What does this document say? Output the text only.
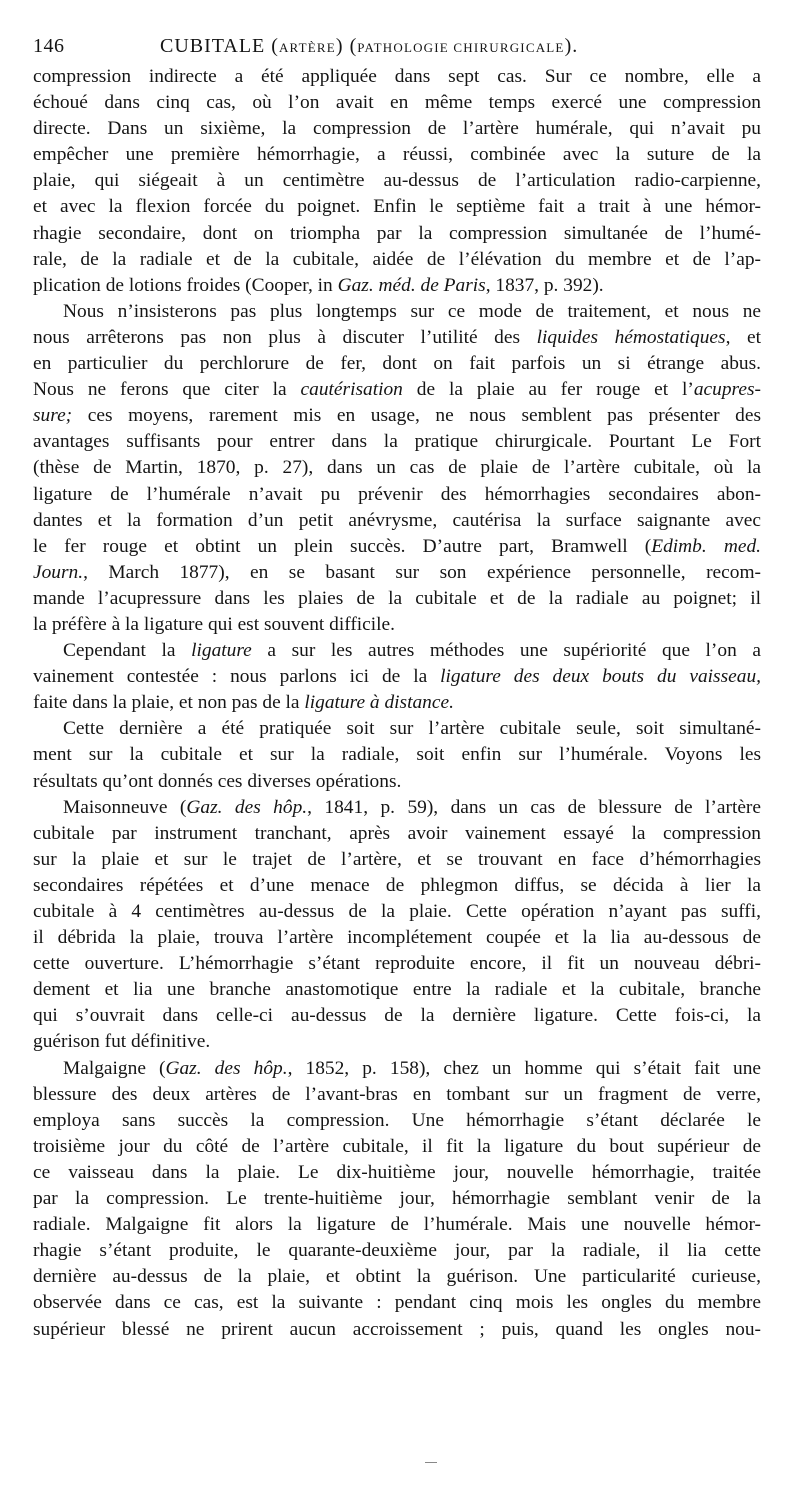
146	CUBITALE (ARTÈRE) (PATHOLOGIE CHIRURGICALE).
compression indirecte a été appliquée dans sept cas. Sur ce nombre, elle a
échoué dans cinq cas, où l’on avait en même temps exercé une compression
directe. Dans un sixième, la compression de l’artère humérale, qui n’avait pu
empêcher une première hémorrhagie, a réussi, combinée avec la suture de la
plaie, qui siégeait à un centimètre au-dessus de l’articulation radio-carpienne,
et avec la flexion forcée du poignet. Enfin le septième fait a trait à une hémor-
rhagie secondaire, dont on triompha par la compression simultanée de l’humé-
rale, de la radiale et de la cubitale, aidée de l’élévation du membre et de l’ap-
plication de lotions froides (Cooper, in Gaz. méd. de Paris, 1837, p. 392).
Nous n’insisterons pas plus longtemps sur ce mode de traitement, et nous ne
nous arrêterons pas non plus à discuter l’utilité des liquides hémostatiques, et
en particulier du perchlorure de fer, dont on fait parfois un si étrange abus.
Nous ne ferons que citer la cautérisation de la plaie au fer rouge et l’acupres-
sure; ces moyens, rarement mis en usage, ne nous semblent pas présenter des
avantages suffisants pour entrer dans la pratique chirurgicale. Pourtant Le Fort
(thèse de Martin, 1870, p. 27), dans un cas de plaie de l’artère cubitale, où la
ligature de l’humérale n’avait pu prévenir des hémorrhagies secondaires abon-
dantes et la formation d’un petit anévrysme, cautérisa la surface saignante avec
le fer rouge et obtint un plein succès. D’autre part, Bramwell (Edimb. med.
Journ., March 1877), en se basant sur son expérience personnelle, recom-
mande l’acupressure dans les plaies de la cubitale et de la radiale au poignet; il
la préfère à la ligature qui est souvent difficile.
Cependant la ligature a sur les autres méthodes une supériorité que l’on a
vainement contestée : nous parlons ici de la ligature des deux bouts du vaisseau,
faite dans la plaie, et non pas de la ligature à distance.
Cette dernière a été pratiquée soit sur l’artère cubitale seule, soit simultané-
ment sur la cubitale et sur la radiale, soit enfin sur l’humérale. Voyons les
résultats qu’ont donnés ces diverses opérations.
Maisonneuve (Gaz. des hôp., 1841, p. 59), dans un cas de blessure de l’artère
cubitale par instrument tranchant, après avoir vainement essayé la compression
sur la plaie et sur le trajet de l’artère, et se trouvant en face d’hémorrhagies
secondaires répétées et d’une menace de phlegmon diffus, se décida à lier la
cubitale à 4 centimètres au-dessus de la plaie. Cette opération n’ayant pas suffi,
il débrida la plaie, trouva l’artère incomplétement coupée et la lia au-dessous de
cette ouverture. L’hémorrhagie s’étant reproduite encore, il fit un nouveau débri-
dement et lia une branche anastomotique entre la radiale et la cubitale, branche
qui s’ouvrait dans celle-ci au-dessus de la dernière ligature. Cette fois-ci, la
guérison fut définitive.
Malgaigne (Gaz. des hôp., 1852, p. 158), chez un homme qui s’était fait une
blessure des deux artères de l’avant-bras en tombant sur un fragment de verre,
employa sans succès la compression. Une hémorrhagie s’étant déclarée le
troisième jour du côté de l’artère cubitale, il fit la ligature du bout supérieur de
ce vaisseau dans la plaie. Le dix-huitième jour, nouvelle hémorrhagie, traitée
par la compression. Le trente-huitième jour, hémorrhagie semblant venir de la
radiale. Malgaigne fit alors la ligature de l’humérale. Mais une nouvelle hémor-
rhagie s’étant produite, le quarante-deuxième jour, par la radiale, il lia cette
dernière au-dessus de la plaie, et obtint la guérison. Une particularité curieuse,
observée dans ce cas, est la suivante : pendant cinq mois les ongles du membre
supérieur blessé ne prirent aucun accroissement ; puis, quand les ongles nou-
